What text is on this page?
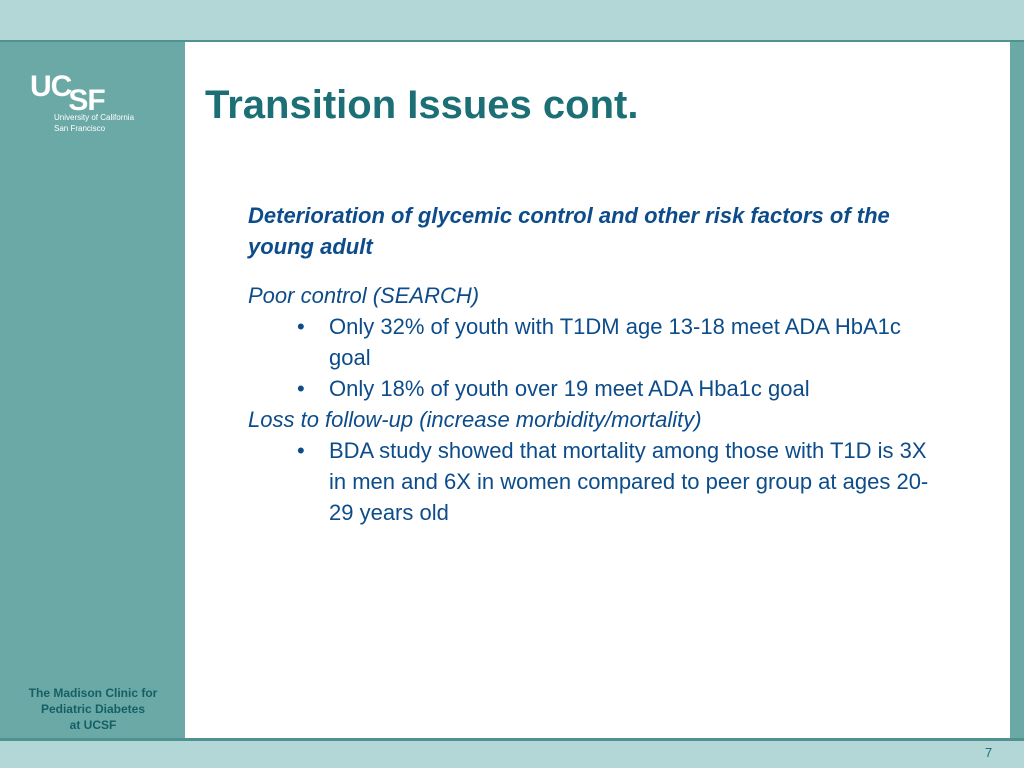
UCSF
University of California
San Francisco
The Madison Clinic for
Pediatric Diabetes
at UCSF
Transition Issues cont.

Deterioration of glycemic control and other risk factors of the young adult

Poor control (SEARCH)

• Only 32% of youth with T1DM age 13-18 meet ADA HbA1c goal
• Only 18% of youth over 19 meet ADA Hba1c goal

Loss to follow-up (increase morbidity/mortality)

• BDA study showed that mortality among those with T1D is 3X in men and 6X in women compared to peer group at ages 20-29 years old
7
